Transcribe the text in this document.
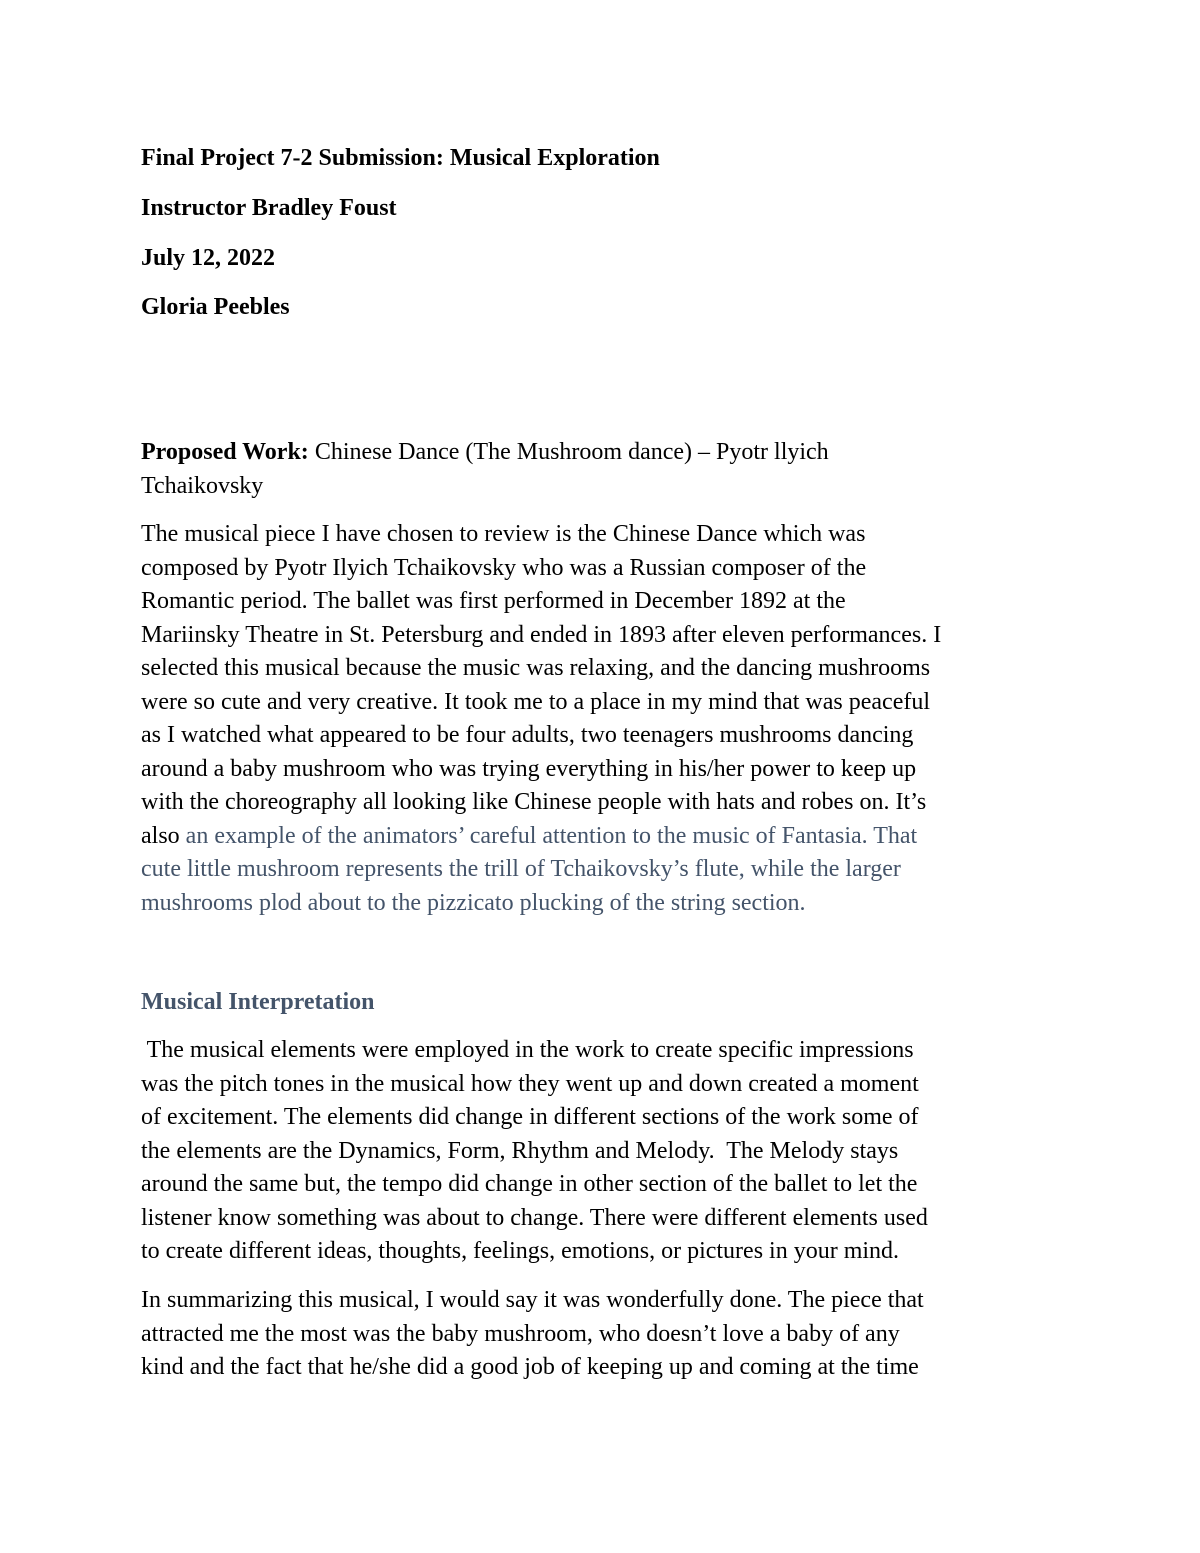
Final Project 7-2 Submission: Musical Exploration
Instructor Bradley Foust
July 12, 2022
Gloria Peebles
Proposed Work: Chinese Dance (The Mushroom dance) – Pyotr llyich
Tchaikovsky
The musical piece I have chosen to review is the Chinese Dance which was
composed by Pyotr Ilyich Tchaikovsky who was a Russian composer of the
Romantic period. The ballet was first performed in December 1892 at the
Mariinsky Theatre in St. Petersburg and ended in 1893 after eleven performances. I
selected this musical because the music was relaxing, and the dancing mushrooms
were so cute and very creative. It took me to a place in my mind that was peaceful
as I watched what appeared to be four adults, two teenagers mushrooms dancing
around a baby mushroom who was trying everything in his/her power to keep up
with the choreography all looking like Chinese people with hats and robes on. It’s
also an example of the animators’ careful attention to the music of Fantasia. That
cute little mushroom represents the trill of Tchaikovsky’s flute, while the larger
mushrooms plod about to the pizzicato plucking of the string section.
Musical Interpretation
The musical elements were employed in the work to create specific impressions
was the pitch tones in the musical how they went up and down created a moment
of excitement. The elements did change in different sections of the work some of
the elements are the Dynamics, Form, Rhythm and Melody.  The Melody stays
around the same but, the tempo did change in other section of the ballet to let the
listener know something was about to change. There were different elements used
to create different ideas, thoughts, feelings, emotions, or pictures in your mind.
In summarizing this musical, I would say it was wonderfully done. The piece that
attracted me the most was the baby mushroom, who doesn’t love a baby of any
kind and the fact that he/she did a good job of keeping up and coming at the time
